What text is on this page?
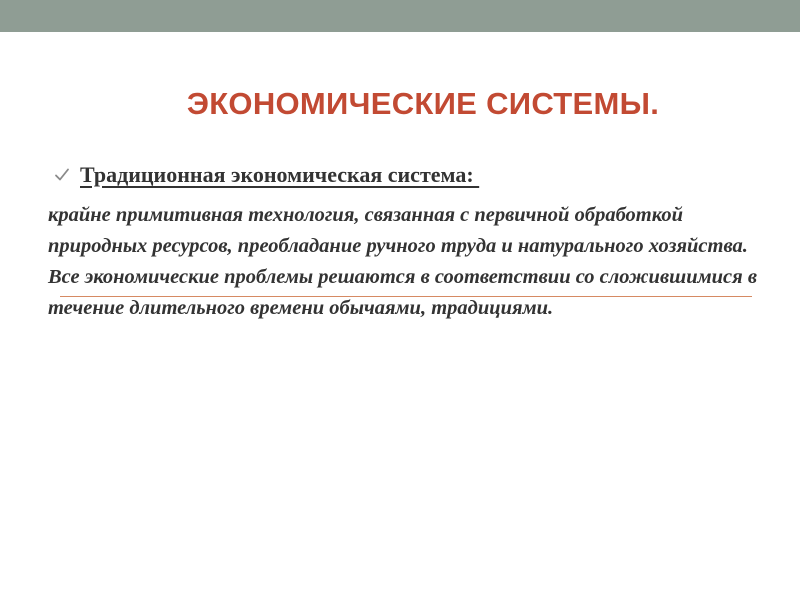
ЭКОНОМИЧЕСКИЕ СИСТЕМЫ.
Традиционная экономическая система:

крайне примитивная технология, связанная с первичной обработкой природных ресурсов, преобладание ручного труда и натурального хозяйства. Все экономические проблемы решаются в соответствии со сложившимися в течение длительного времени обычаями, традициями.
